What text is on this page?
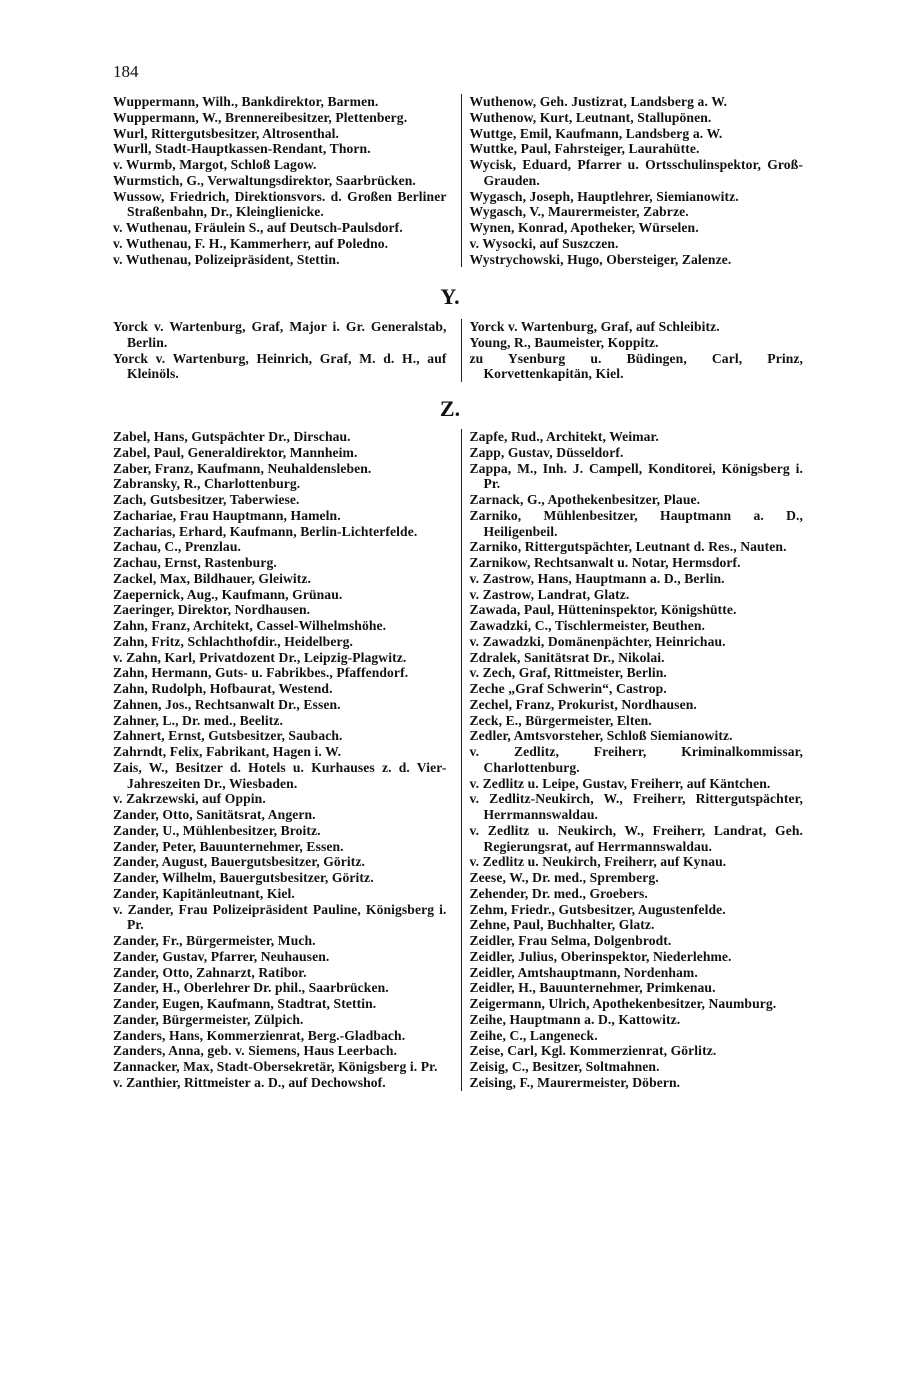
184
Wuppermann, Wilh., Bankdirektor, Barmen.
Wuppermann, W., Brennereibesitzer, Plettenberg.
Wurl, Rittergutsbesitzer, Altrosenthal.
Wurll, Stadt-Hauptkassen-Rendant, Thorn.
v. Wurmb, Margot, Schloß Lagow.
Wurmstich, G., Verwaltungsdirektor, Saarbrücken.
Wussow, Friedrich, Direktionsvors. d. Großen Berliner Straßenbahn, Dr., Kleinglienicke.
v. Wuthenau, Fräulein S., auf Deutsch-Paulsdorf.
v. Wuthenau, F. H., Kammerherr, auf Poledno.
v. Wuthenau, Polizeipräsident, Stettin.
Wuthenow, Geh. Justizrat, Landsberg a. W.
Wuthenow, Kurt, Leutnant, Stallupönen.
Wuttge, Emil, Kaufmann, Landsberg a. W.
Wuttke, Paul, Fahrsteiger, Laurahütte.
Wycisk, Eduard, Pfarrer u. Ortsschulinspektor, Groß-Grauden.
Wygasch, Joseph, Hauptlehrer, Siemianowitz.
Wygasch, V., Maurermeister, Zabrze.
Wynen, Konrad, Apotheker, Würselen.
v. Wysocki, auf Suszczen.
Wystrychowski, Hugo, Obersteiger, Zalenze.
Y.
Yorck v. Wartenburg, Graf, Major i. Gr. Generalstab, Berlin.
Yorck v. Wartenburg, Heinrich, Graf, M. d. H., auf Kleinöls.
Yorck v. Wartenburg, Graf, auf Schleibitz.
Young, R., Baumeister, Koppitz.
zu Ysenburg u. Büdingen, Carl, Prinz, Korvettenkapitän, Kiel.
Z.
Zabel, Hans, Gutspächter Dr., Dirschau.
Zabel, Paul, Generaldirektor, Mannheim.
Zaber, Franz, Kaufmann, Neuhaldensleben.
Zabransky, R., Charlottenburg.
Zach, Gutsbesitzer, Taberwiese.
Zachariae, Frau Hauptmann, Hameln.
Zacharias, Erhard, Kaufmann, Berlin-Lichterfelde.
Zachau, C., Prenzlau.
Zachau, Ernst, Rastenburg.
Zackel, Max, Bildhauer, Gleiwitz.
Zaepernick, Aug., Kaufmann, Grünau.
Zaeringer, Direktor, Nordhausen.
Zahn, Franz, Architekt, Cassel-Wilhelmshöhe.
Zahn, Fritz, Schlachthofdir., Heidelberg.
v. Zahn, Karl, Privatdozent Dr., Leipzig-Plagwitz.
Zahn, Hermann, Guts- u. Fabrikbes., Pfaffendorf.
Zahn, Rudolph, Hofbaurat, Westend.
Zahnen, Jos., Rechtsanwalt Dr., Essen.
Zahner, L., Dr. med., Beelitz.
Zahnert, Ernst, Gutsbesitzer, Saubach.
Zahrndt, Felix, Fabrikant, Hagen i. W.
Zais, W., Besitzer d. Hotels u. Kurhauses z. d. Vier-Jahreszeiten Dr., Wiesbaden.
v. Zakrzewski, auf Oppin.
Zander, Otto, Sanitätsrat, Angern.
Zander, U., Mühlenbesitzer, Broitz.
Zander, Peter, Bauunternehmer, Essen.
Zander, August, Bauergutsbesitzer, Göritz.
Zander, Wilhelm, Bauergutsbesitzer, Göritz.
Zander, Kapitänleutnant, Kiel.
v. Zander, Frau Polizeipräsident Pauline, Königsberg i. Pr.
Zander, Fr., Bürgermeister, Much.
Zander, Gustav, Pfarrer, Neuhausen.
Zander, Otto, Zahnarzt, Ratibor.
Zander, H., Oberlehrer Dr. phil., Saarbrücken.
Zander, Eugen, Kaufmann, Stadtrat, Stettin.
Zander, Bürgermeister, Zülpich.
Zanders, Hans, Kommerzienrat, Berg.-Gladbach.
Zanders, Anna, geb. v. Siemens, Haus Leerbach.
Zannacker, Max, Stadt-Obersekretär, Königsberg i. Pr.
v. Zanthier, Rittmeister a. D., auf Dechowshof.
Zapfe, Rud., Architekt, Weimar.
Zapp, Gustav, Düsseldorf.
Zappa, M., Inh. J. Campell, Konditorei, Königsberg i. Pr.
Zarnack, G., Apothekenbesitzer, Plaue.
Zarniko, Mühlenbesitzer, Hauptmann a. D., Heiligenbeil.
Zarniko, Rittergutspächter, Leutnant d. Res., Nauten.
Zarnikow, Rechtsanwalt u. Notar, Hermsdorf.
v. Zastrow, Hans, Hauptmann a. D., Berlin.
v. Zastrow, Landrat, Glatz.
Zawada, Paul, Hütteninspektor, Königshütte.
Zawadzki, C., Tischlermeister, Beuthen.
v. Zawadzki, Domänenpächter, Heinrichau.
Zdralek, Sanitätsrat Dr., Nikolai.
v. Zech, Graf, Rittmeister, Berlin.
Zeche „Graf Schwerin“, Castrop.
Zechel, Franz, Prokurist, Nordhausen.
Zeck, E., Bürgermeister, Elten.
Zedler, Amtsvorsteher, Schloß Siemianowitz.
v. Zedlitz, Freiherr, Kriminalkommissar, Charlottenburg.
v. Zedlitz u. Leipe, Gustav, Freiherr, auf Käntchen.
v. Zedlitz-Neukirch, W., Freiherr, Rittergutspächter, Herrmannswaldau.
v. Zedlitz u. Neukirch, W., Freiherr, Landrat, Geh. Regierungsrat, auf Herrmannswaldau.
v. Zedlitz u. Neukirch, Freiherr, auf Kynau.
Zeese, W., Dr. med., Spremberg.
Zehender, Dr. med., Groebers.
Zehm, Friedr., Gutsbesitzer, Augustenfelde.
Zehne, Paul, Buchhalter, Glatz.
Zeidler, Frau Selma, Dolgenbrodt.
Zeidler, Julius, Oberinspektor, Niederlehme.
Zeidler, Amtshauptmann, Nordenham.
Zeidler, H., Bauunternehmer, Primkenau.
Zeigermann, Ulrich, Apothekenbesitzer, Naumburg.
Zeihe, Hauptmann a. D., Kattowitz.
Zeihe, C., Langeneck.
Zeise, Carl, Kgl. Kommerzienrat, Görlitz.
Zeisig, C., Besitzer, Soltmahnen.
Zeising, F., Maurermeister, Döbern.
